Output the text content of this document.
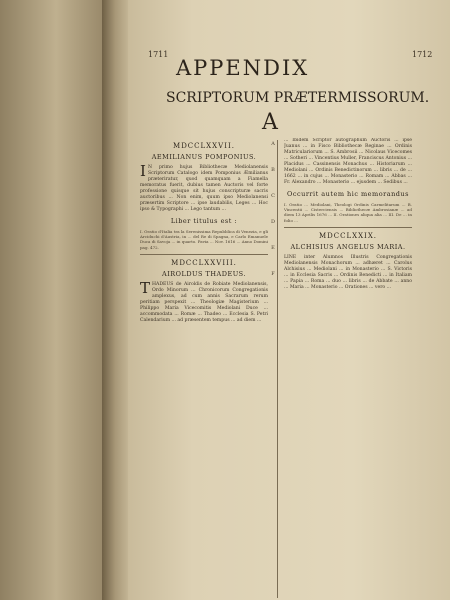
1711	1712
APPENDIX
SCRIPTORUM PRÆTERMISSORUM.
A
MDCCLXXVII.
AEMILIANUS POMPONIUS.

I N primo hujus Bibliothecæ Mediolanensis Scriptorum Catalogo idem Pomponius Æmilianus præteriratur, quod quamquam a Fiamella memoratus fuerit, dubius tamen Auctoris vel forte professione quisque sit hujus conscripturæ sacris auctoribus ... Non enim, quum ipso Mediolanensi præsertim Scriptore ... ipse laudabilis, Leges ... Hoc ipso & Typographi ... Lego tantum ...

Liber titulus est :

I. Oratio d'Italia tra la Serenissima Repubblica di Venezia, e gli Arciduchi d'Austria, in ... del Re di Spagna, e Carlo Emanuele Duca di Savoja ... in quarto. Pavia ... Nov. 1616 ... Anno Domini pag. 472.

MDCCLXXVIII.
AIROLDUS THADEUS.

THADEUS de Airoldis de Robiate Mediolanensis, Ordo Minorum ... Chronicorum Congregationis amplexus, ad cum annis Sacrarum rerum peritiam perspexit ... Theologiæ Magisterium ... Philippo Maria Vicecomitis Mediolani Duce ... accommodata ... Romæ ... Thadeo ... Ecclesia S. Petri Calendarium ... ad præsentem tempus ... ad diem ...

A
B
C
D
E
F

... Ibidem Scriptor autographum Auctoris ... ipse Juanus ... in Fisco Bibliothecæ Reginae ... Ordinis Matriculariorum ... S. Ambrosii ... Nicolaus Vicecomes ... Sotheri ... Vincentius Muller, Franciscus Antonius ... Placidus ... Cassinensis Monachus ... Historiarum ... Mediolani ... Ordinis Benedictinorum ... libris ... de ... 1662 ... in cujus ... Monasterio ... Romam ... Abbas ... Fr. Alexandro ... Monasterio ... ejusdem ... Sedibus ...

Occurrit autem hic memorandus

I. Oratio ... Mediolani, Theologi Ordinis Carmelitarum ... B. Vincentii ... Cisterciensis ... Bibliothecæ Ambrosianæ ... ad diem 13 Aprilis 1676 ... II. Orationes aliqua alia ... III. De ... in folio ...

MDCCLXXIX.
ALCHISIUS ANGELUS MARIA.

LINE inter Alumnos Illustris Congregationis Mediolanensis Monachorum ... adhæret ... Carolus Alchisius ... Mediolani ... in Monasterio ... S. Victoris ... in Ecclesia Sacris ... Ordinis Benedicti ... in Italiam ... Papia ... Roma ... duo ... libris ... de Abbate ... anno ... Maria ... Monasterio ... Orationes ... vero ...
